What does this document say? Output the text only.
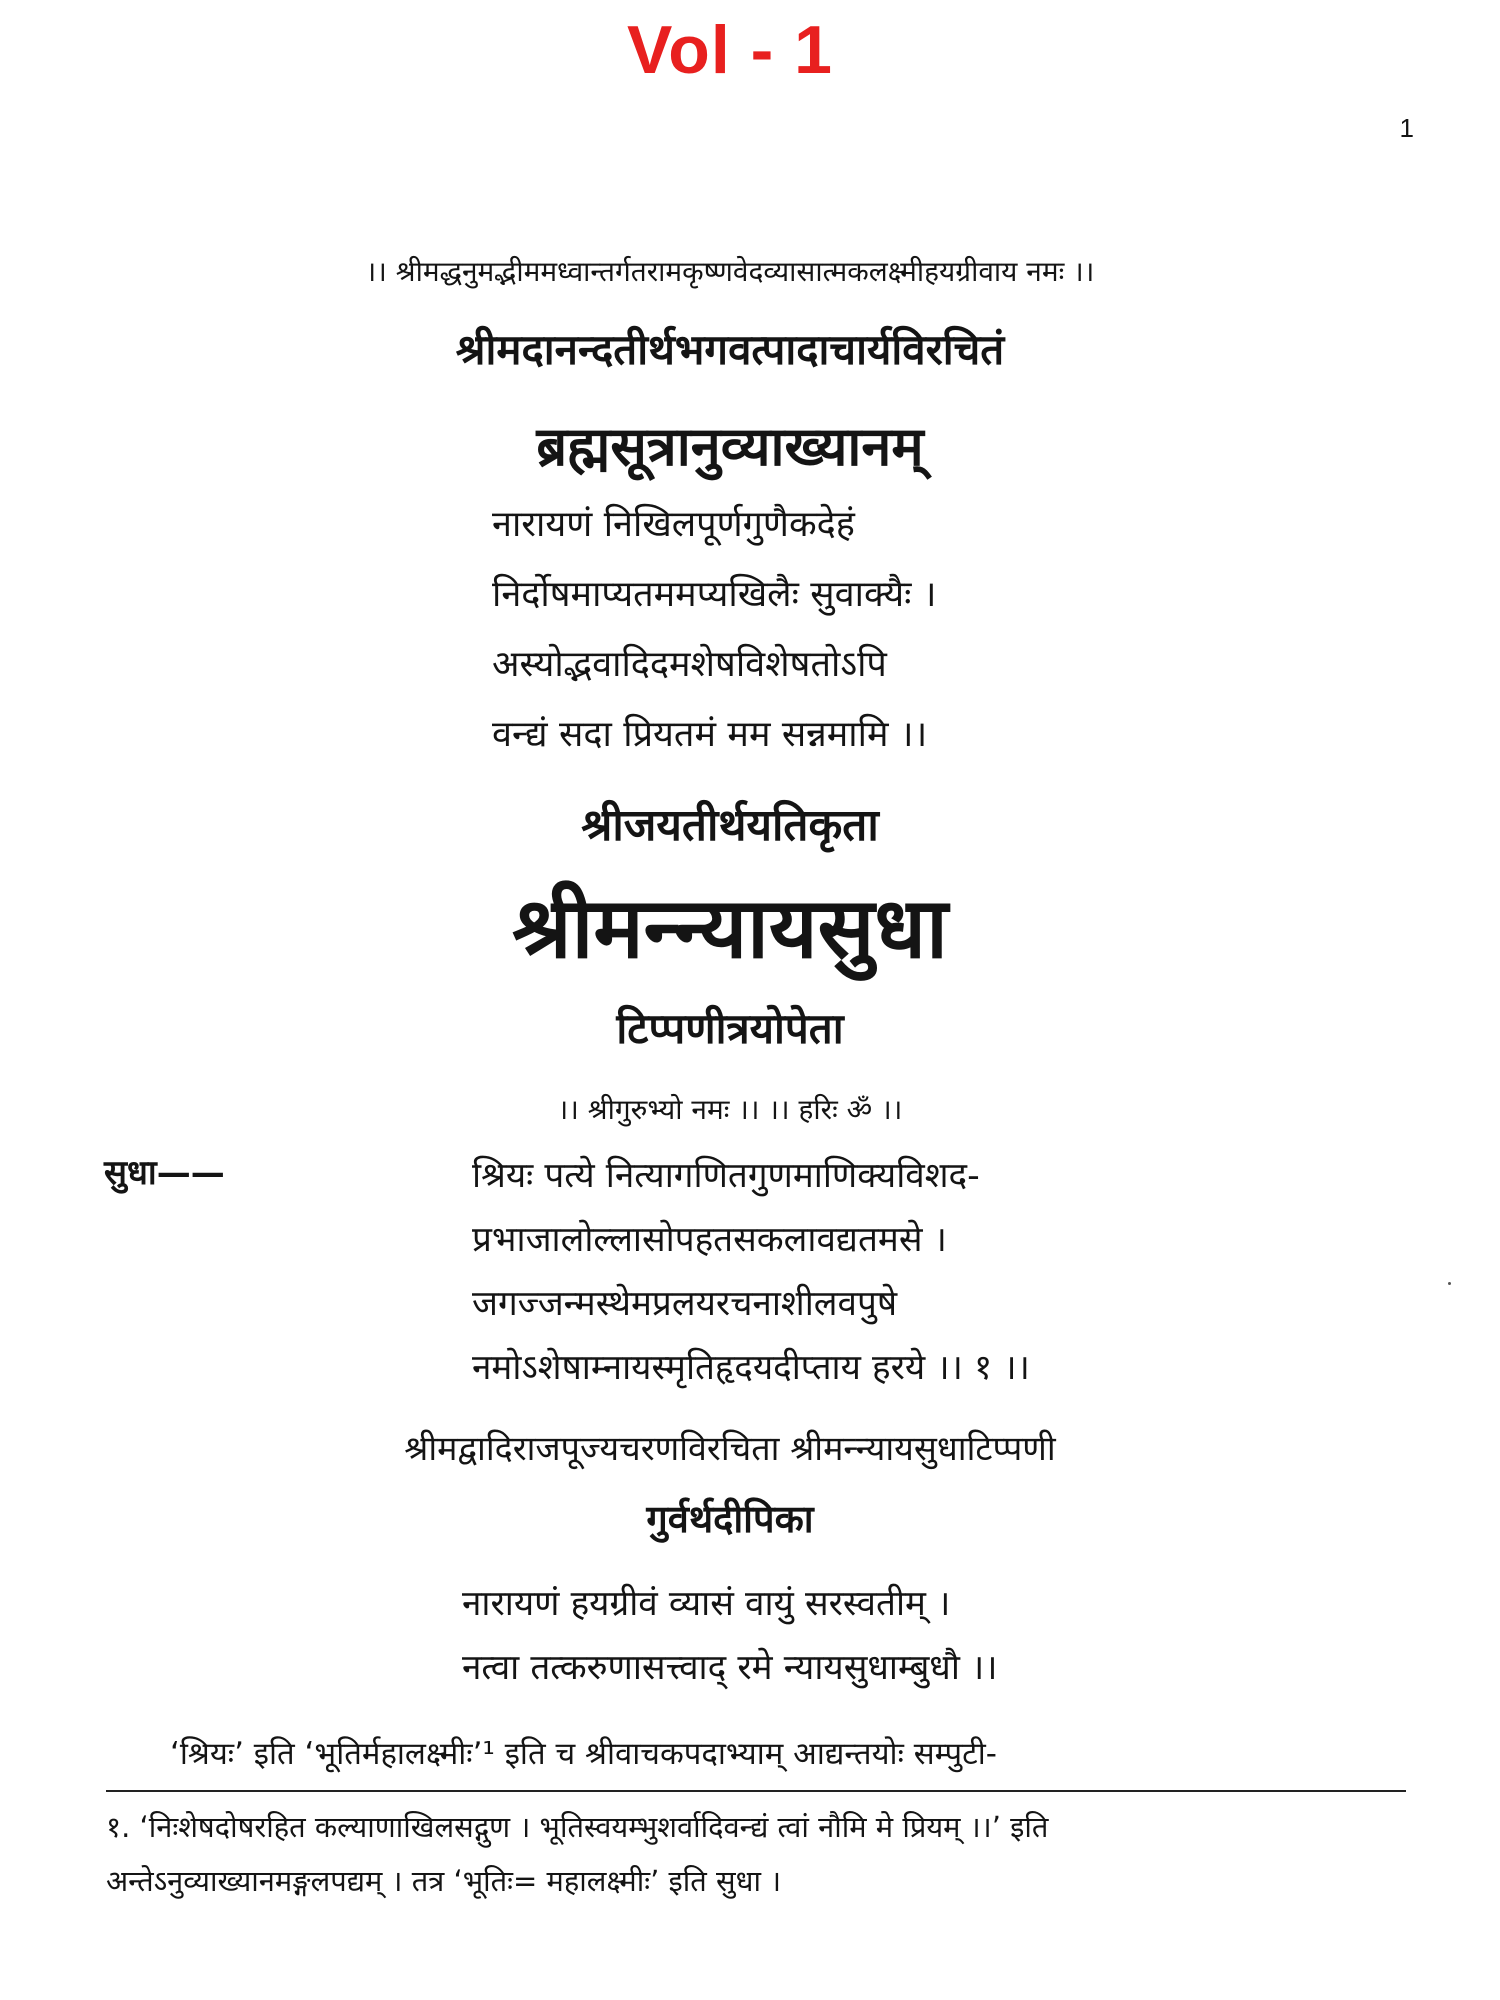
Vol - 1
1
।। श्रीमद्धनुमद्भीममध्वान्तर्गतरामकृष्णवेदव्यासात्मकलक्ष्मीहयग्रीवाय नमः ।।
श्रीमदानन्दतीर्थभगवत्पादाचार्यविरचितं
ब्रह्मसूत्रानुव्याख्यानम्
नारायणं निखिलपूर्णगुणैकदेहं
निर्दोषमाप्यतममप्यखिलैः सुवाक्यैः ।
अस्योद्भवादिदमशेषविशेषतोऽपि
वन्द्यं सदा प्रियतमं मम सन्नमामि ।।
श्रीजयतीर्थयतिकृता
श्रीमन्न्यायसुधा
टिप्पणीत्रयोपेता
।। श्रीगुरुभ्यो नमः ।। ।। हरिः ॐ ।।
सुधा——	श्रियः पत्ये नित्यागणितगुणमाणिक्यविशद-
प्रभाजालोल्लासोपहतसकलावद्यतमसे ।
जगज्जन्मस्थेमप्रलयरचनाशीलवपुषे
नमोऽशेषाम्नायस्मृतिहृदयदीप्ताय हरये ।। १ ।।
श्रीमद्वादिराजपूज्यचरणविरचिता श्रीमन्न्यायसुधाटिप्पणी
गुर्वर्थदीपिका
नारायणं हयग्रीवं व्यासं वायुं सरस्वतीम् ।
नत्वा तत्करुणासत्त्वाद् रमे न्यायसुधाम्बुधौ ।।
‘श्रियः’ इति ‘भूतिर्महालक्ष्मीः’¹ इति च श्रीवाचकपदाभ्याम् आद्यन्तयोः सम्पुटी-
१. ‘निःशेषदोषरहित कल्याणाखिलसद्गुण । भूतिस्वयम्भुशर्वादिवन्द्यं त्वां नौमि मे प्रियम् ।।’ इति
अन्तेऽनुव्याख्यानमङ्गलपद्यम् । तत्र ‘भूतिः= महालक्ष्मीः’ इति सुधा ।
